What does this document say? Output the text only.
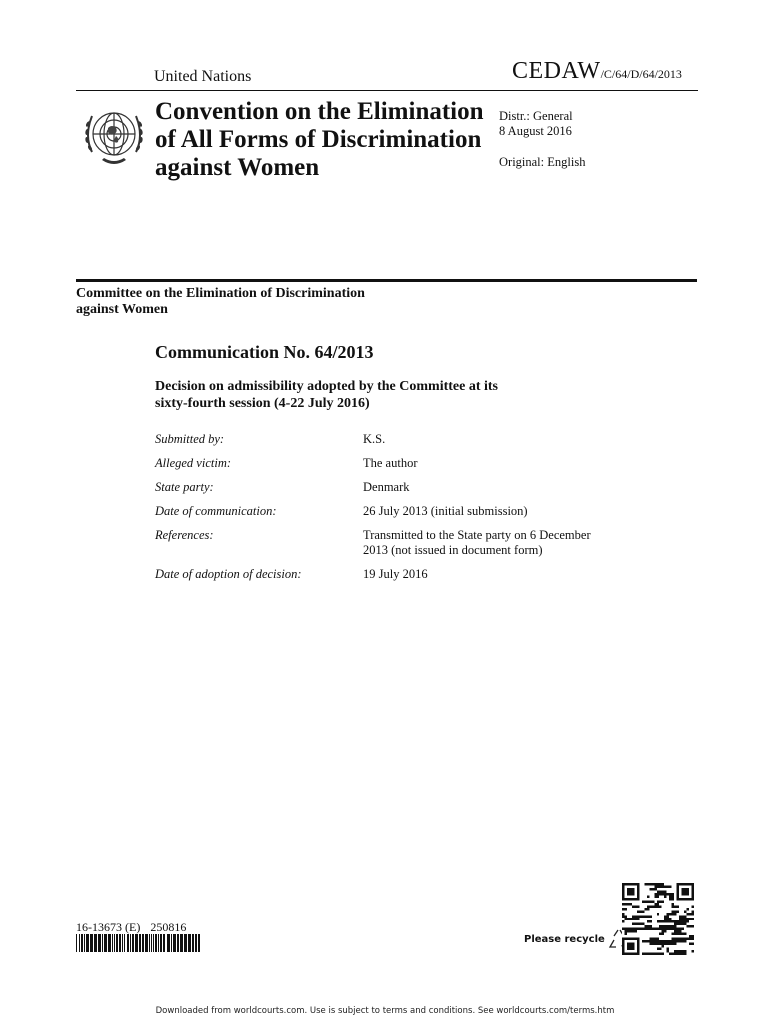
United Nations	CEDAW/C/64/D/64/2013
Convention on the Elimination
of All Forms of Discrimination
against Women
Distr.: General
8 August 2016
Original: English
Committee on the Elimination of Discrimination
against Women
Communication No. 64/2013
Decision on admissibility adopted by the Committee at its
sixty-fourth session (4-22 July 2016)
Submitted by:	K.S.
Alleged victim:	The author
State party:	Denmark
Date of communication:	26 July 2013 (initial submission)
References:	Transmitted to the State party on 6 December
2013 (not issued in document form)
Date of adoption of decision:	19 July 2016
16-13673 (E) 250816
Please recycle
Downloaded from worldcourts.com. Use is subject to terms and conditions. See worldcourts.com/terms.htm
